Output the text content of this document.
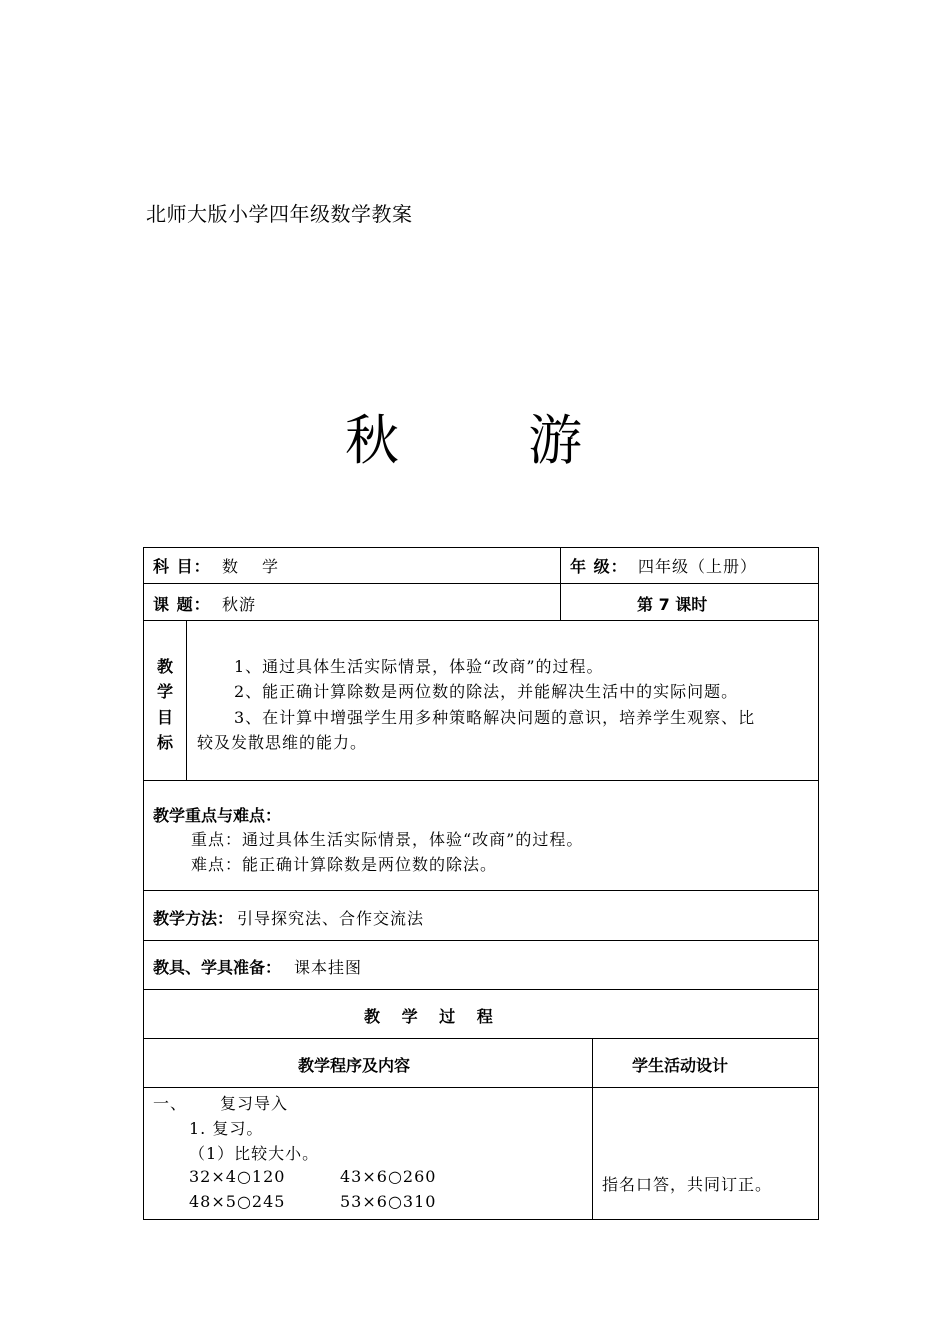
北师大版小学四年级数学教案
秋 游
科 目： 数　学	年 级： 四年级（上册）
课 题： 秋游	第 7 课时
教
学
目
标
1、通过具体生活实际情景，体验“改商”的过程。
2、能正确计算除数是两位数的除法，并能解决生活中的实际问题。
3、在计算中增强学生用多种策略解决问题的意识，培养学生观察、比
较及发散思维的能力。
教学重点与难点：
重点：通过具体生活实际情景，体验“改商”的过程。
难点：能正确计算除数是两位数的除法。
教学方法： 引导探究法、合作交流法
教具、学具准备： 课本挂图
教 学 过 程
教学程序及内容	学生活动设计
一、 复习导入
1. 复习。
（1）比较大小。
32×4○120	43×6○260
48×5○245	53×6○310
指名口答，共同订正。
